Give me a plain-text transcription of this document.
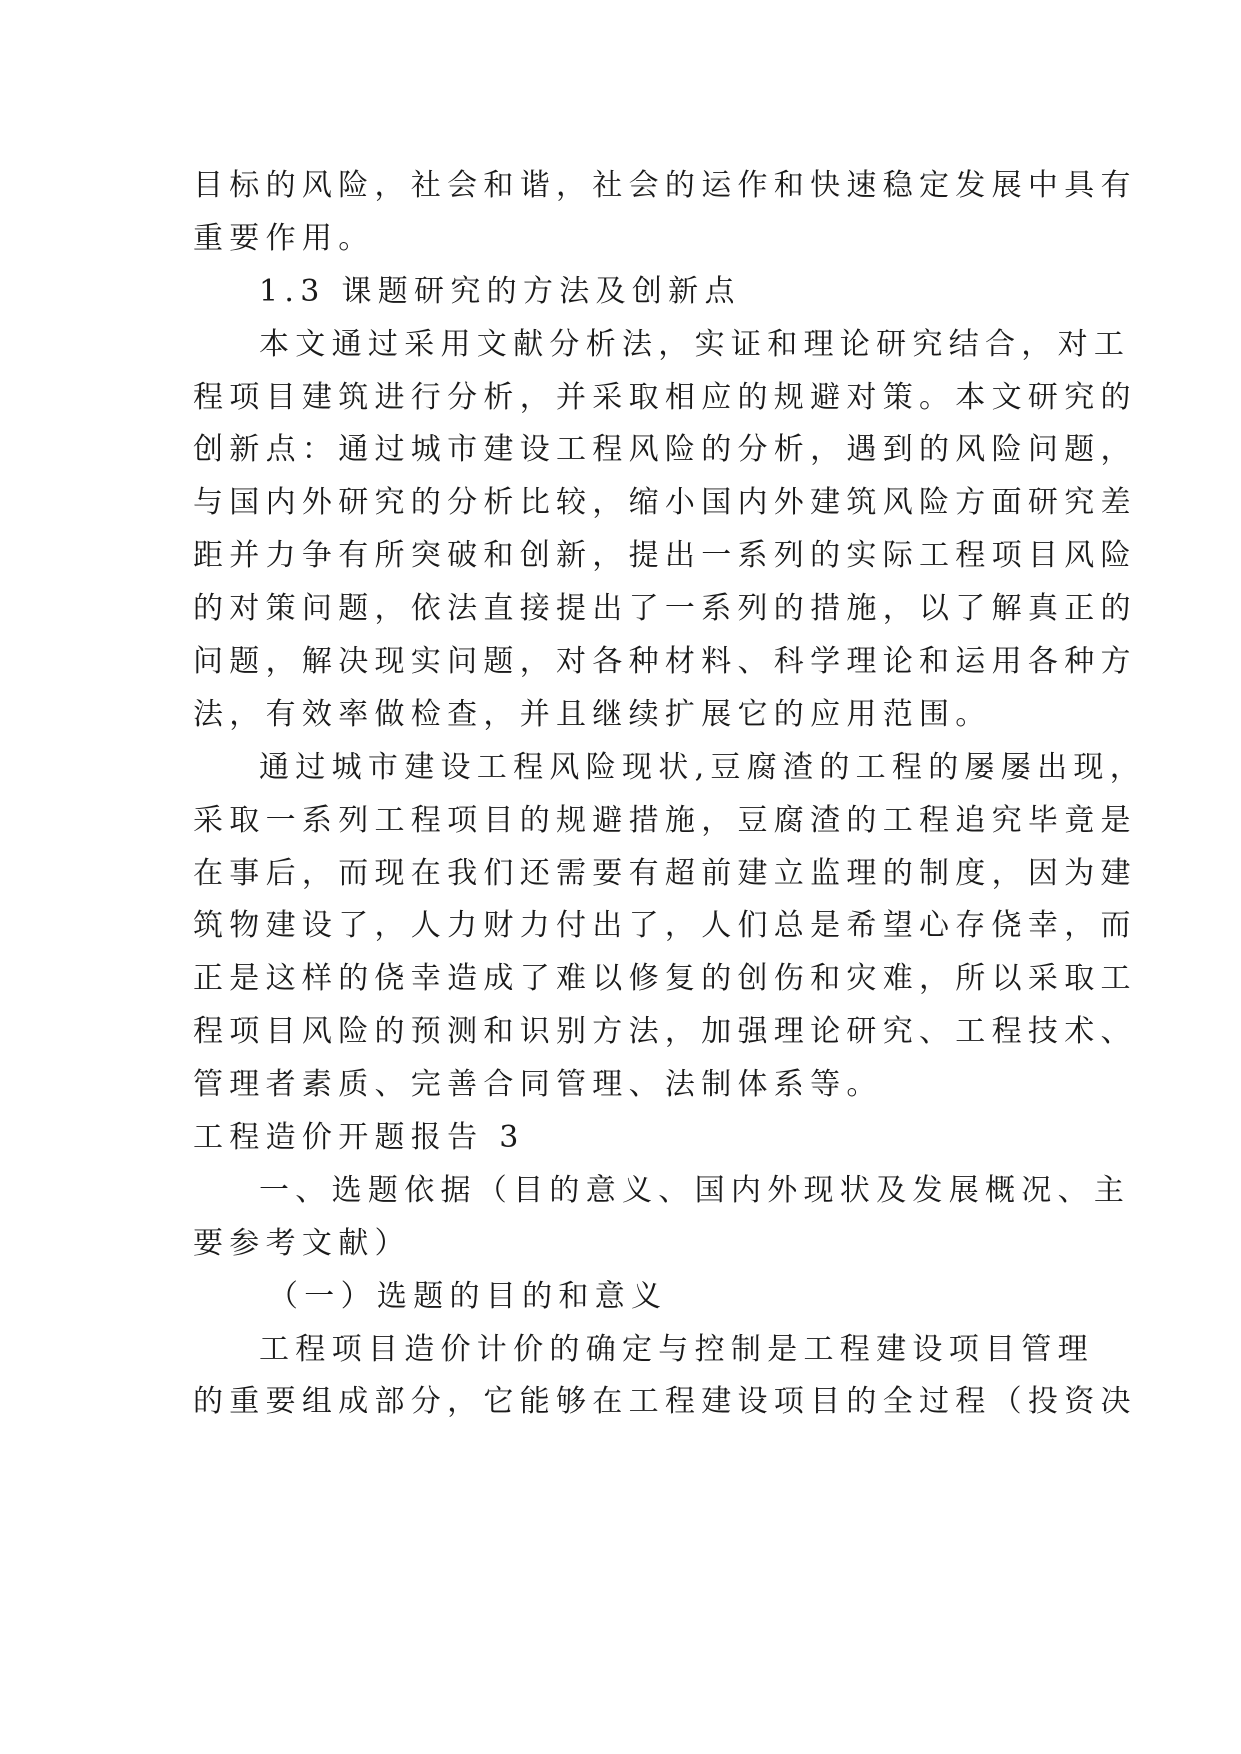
目标的风险，社会和谐，社会的运作和快速稳定发展中具有
重要作用。
1.3 课题研究的方法及创新点
本文通过采用文献分析法，实证和理论研究结合，对工
程项目建筑进行分析，并采取相应的规避对策。本文研究的
创新点：通过城市建设工程风险的分析，遇到的风险问题，
与国内外研究的分析比较，缩小国内外建筑风险方面研究差
距并力争有所突破和创新，提出一系列的实际工程项目风险
的对策问题，依法直接提出了一系列的措施，以了解真正的
问题，解决现实问题，对各种材料、科学理论和运用各种方
法，有效率做检查，并且继续扩展它的应用范围。
通过城市建设工程风险现状,豆腐渣的工程的屡屡出现，
采取一系列工程项目的规避措施，豆腐渣的工程追究毕竟是
在事后，而现在我们还需要有超前建立监理的制度，因为建
筑物建设了，人力财力付出了，人们总是希望心存侥幸，而
正是这样的侥幸造成了难以修复的创伤和灾难，所以采取工
程项目风险的预测和识别方法，加强理论研究、工程技术、
管理者素质、完善合同管理、法制体系等。
工程造价开题报告 3
一、选题依据（目的意义、国内外现状及发展概况、主
要参考文献）
（一）选题的目的和意义
工程项目造价计价的确定与控制是工程建设项目管理
的重要组成部分，它能够在工程建设项目的全过程（投资决
